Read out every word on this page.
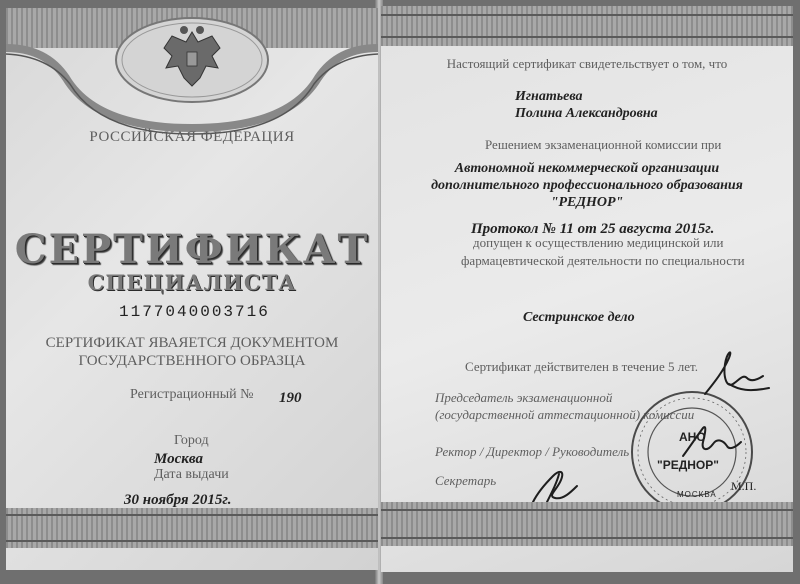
РОССИЙСКАЯ ФЕДЕРАЦИЯ
СЕРТИФИКАТ
СПЕЦИАЛИСТА
1177040003716
СЕРТИФИКАТ ЯВАЯЕТСЯ ДОКУМЕНТОМ
ГОСУДАРСТВЕННОГО ОБРАЗЦА
Регистрационный № 190
Город
Москва
Дата выдачи
30 ноября 2015г.
Настоящий сертификат свидетельствует о том, что
Игнатьева
Полина Александровна
Решением экзаменационной комиссии при
Автономной некоммерческой организации
дополнительного профессионального образования
"РЕДНОР"
Протокол № 11 от 25 августа 2015г.
допущен к осуществлению медицинской или
фармацевтической деятельности по специальности
Сестринское дело
Сертификат действителен в течение 5 лет.
Председатель экзаменационной
(государственной аттестационной) комиссии
Ректор / Директор / Руководитель
Секретарь
АНО
"РЕДНОР"
МОСКВА
М.П.
